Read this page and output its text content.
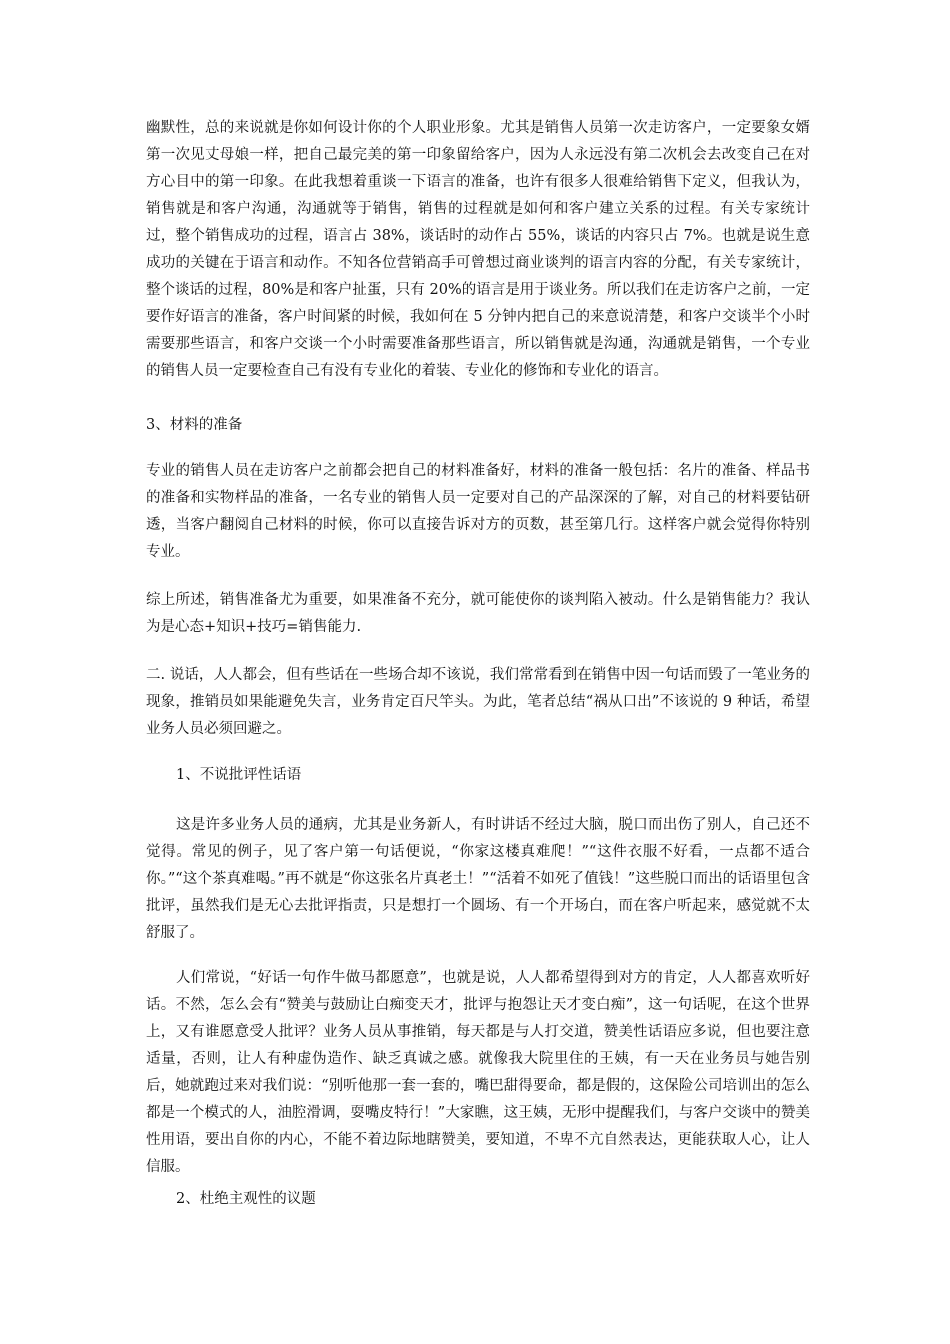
幽默性，总的来说就是你如何设计你的个人职业形象。尤其是销售人员第一次走访客户，一定要象女婿第一次见丈母娘一样，把自己最完美的第一印象留给客户，因为人永远没有第二次机会去改变自己在对方心目中的第一印象。在此我想着重谈一下语言的准备，也许有很多人很难给销售下定义，但我认为，销售就是和客户沟通，沟通就等于销售，销售的过程就是如何和客户建立关系的过程。有关专家统计过，整个销售成功的过程，语言占 38%，谈话时的动作占 55%，谈话的内容只占 7%。也就是说生意成功的关键在于语言和动作。不知各位营销高手可曾想过商业谈判的语言内容的分配，有关专家统计，整个谈话的过程，80%是和客户扯蛋，只有 20%的语言是用于谈业务。所以我们在走访客户之前，一定要作好语言的准备，客户时间紧的时候，我如何在 5 分钟内把自己的来意说清楚，和客户交谈半个小时需要那些语言，和客户交谈一个小时需要准备那些语言，所以销售就是沟通，沟通就是销售，一个专业的销售人员一定要检查自己有没有专业化的着装、专业化的修饰和专业化的语言。

3、材料的准备

专业的销售人员在走访客户之前都会把自己的材料准备好，材料的准备一般包括：名片的准备、样品书的准备和实物样品的准备，一名专业的销售人员一定要对自己的产品深深的了解，对自己的材料要钻研透，当客户翻阅自己材料的时候，你可以直接告诉对方的页数，甚至第几行。这样客户就会觉得你特别专业。

综上所述，销售准备尤为重要，如果准备不充分，就可能使你的谈判陷入被动。什么是销售能力？我认为是心态+知识+技巧=销售能力.

二. 说话，人人都会，但有些话在一些场合却不该说，我们常常看到在销售中因一句话而毁了一笔业务的现象，推销员如果能避免失言，业务肯定百尺竿头。为此，笔者总结“祸从口出”不该说的 9 种话，希望业务人员必须回避之。

1、不说批评性话语

这是许多业务人员的通病，尤其是业务新人，有时讲话不经过大脑，脱口而出伤了别人，自己还不觉得。常见的例子，见了客户第一句话便说，“你家这楼真难爬！”“这件衣服不好看，一点都不适合你。”“这个茶真难喝。”再不就是“你这张名片真老土！”“活着不如死了值钱！”这些脱口而出的话语里包含批评，虽然我们是无心去批评指责，只是想打一个圆场、有一个开场白，而在客户听起来，感觉就不太舒服了。

人们常说，“好话一句作牛做马都愿意”，也就是说，人人都希望得到对方的肯定，人人都喜欢听好话。不然，怎么会有“赞美与鼓励让白痴变天才，批评与抱怨让天才变白痴”，这一句话呢，在这个世界上，又有谁愿意受人批评？业务人员从事推销，每天都是与人打交道，赞美性话语应多说，但也要注意适量，否则，让人有种虚伪造作、缺乏真诚之感。就像我大院里住的王姨，有一天在业务员与她告别后，她就跑过来对我们说：“别听他那一套一套的，嘴巴甜得要命，都是假的，这保险公司培训出的怎么都是一个模式的人，油腔滑调，耍嘴皮特行！”大家瞧，这王姨，无形中提醒我们，与客户交谈中的赞美性用语，要出自你的内心，不能不着边际地瞎赞美，要知道，不卑不亢自然表达，更能获取人心，让人信服。

2、杜绝主观性的议题
